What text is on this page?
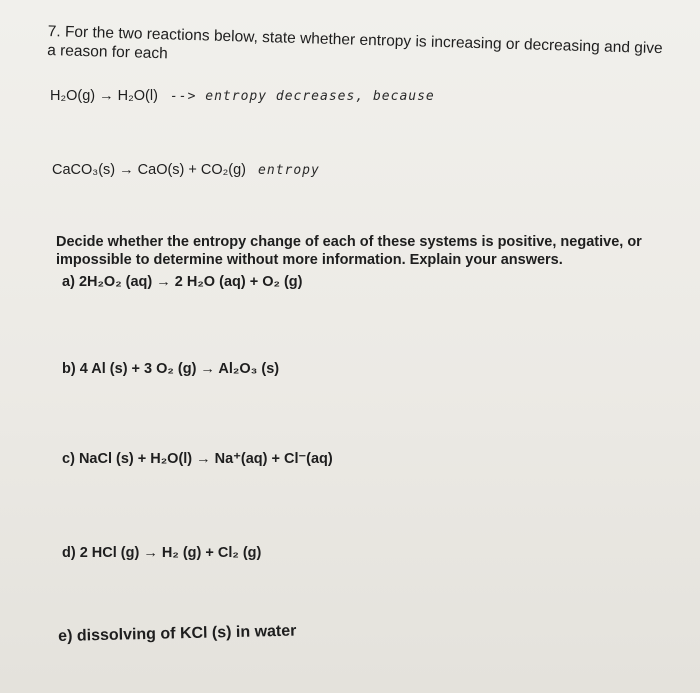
7. For the two reactions below, state whether entropy is increasing or decreasing and give a reason for each
H₂O(g) → H₂O(l) --> entropy decreases, because
CaCO₃(s) → CaO(s) + CO₂(g) entropy
Decide whether the entropy change of each of these systems is positive, negative, or impossible to determine without more information. Explain your answers.
a) 2H₂O₂ (aq) → 2 H₂O (aq) + O₂ (g)
b) 4 Al (s) + 3 O₂ (g) → Al₂O₃ (s)
c) NaCl (s) + H₂O(l) → Na⁺(aq) + Cl⁻(aq)
d) 2 HCl (g) → H₂ (g) + Cl₂ (g)
e) dissolving of KCl (s) in water
